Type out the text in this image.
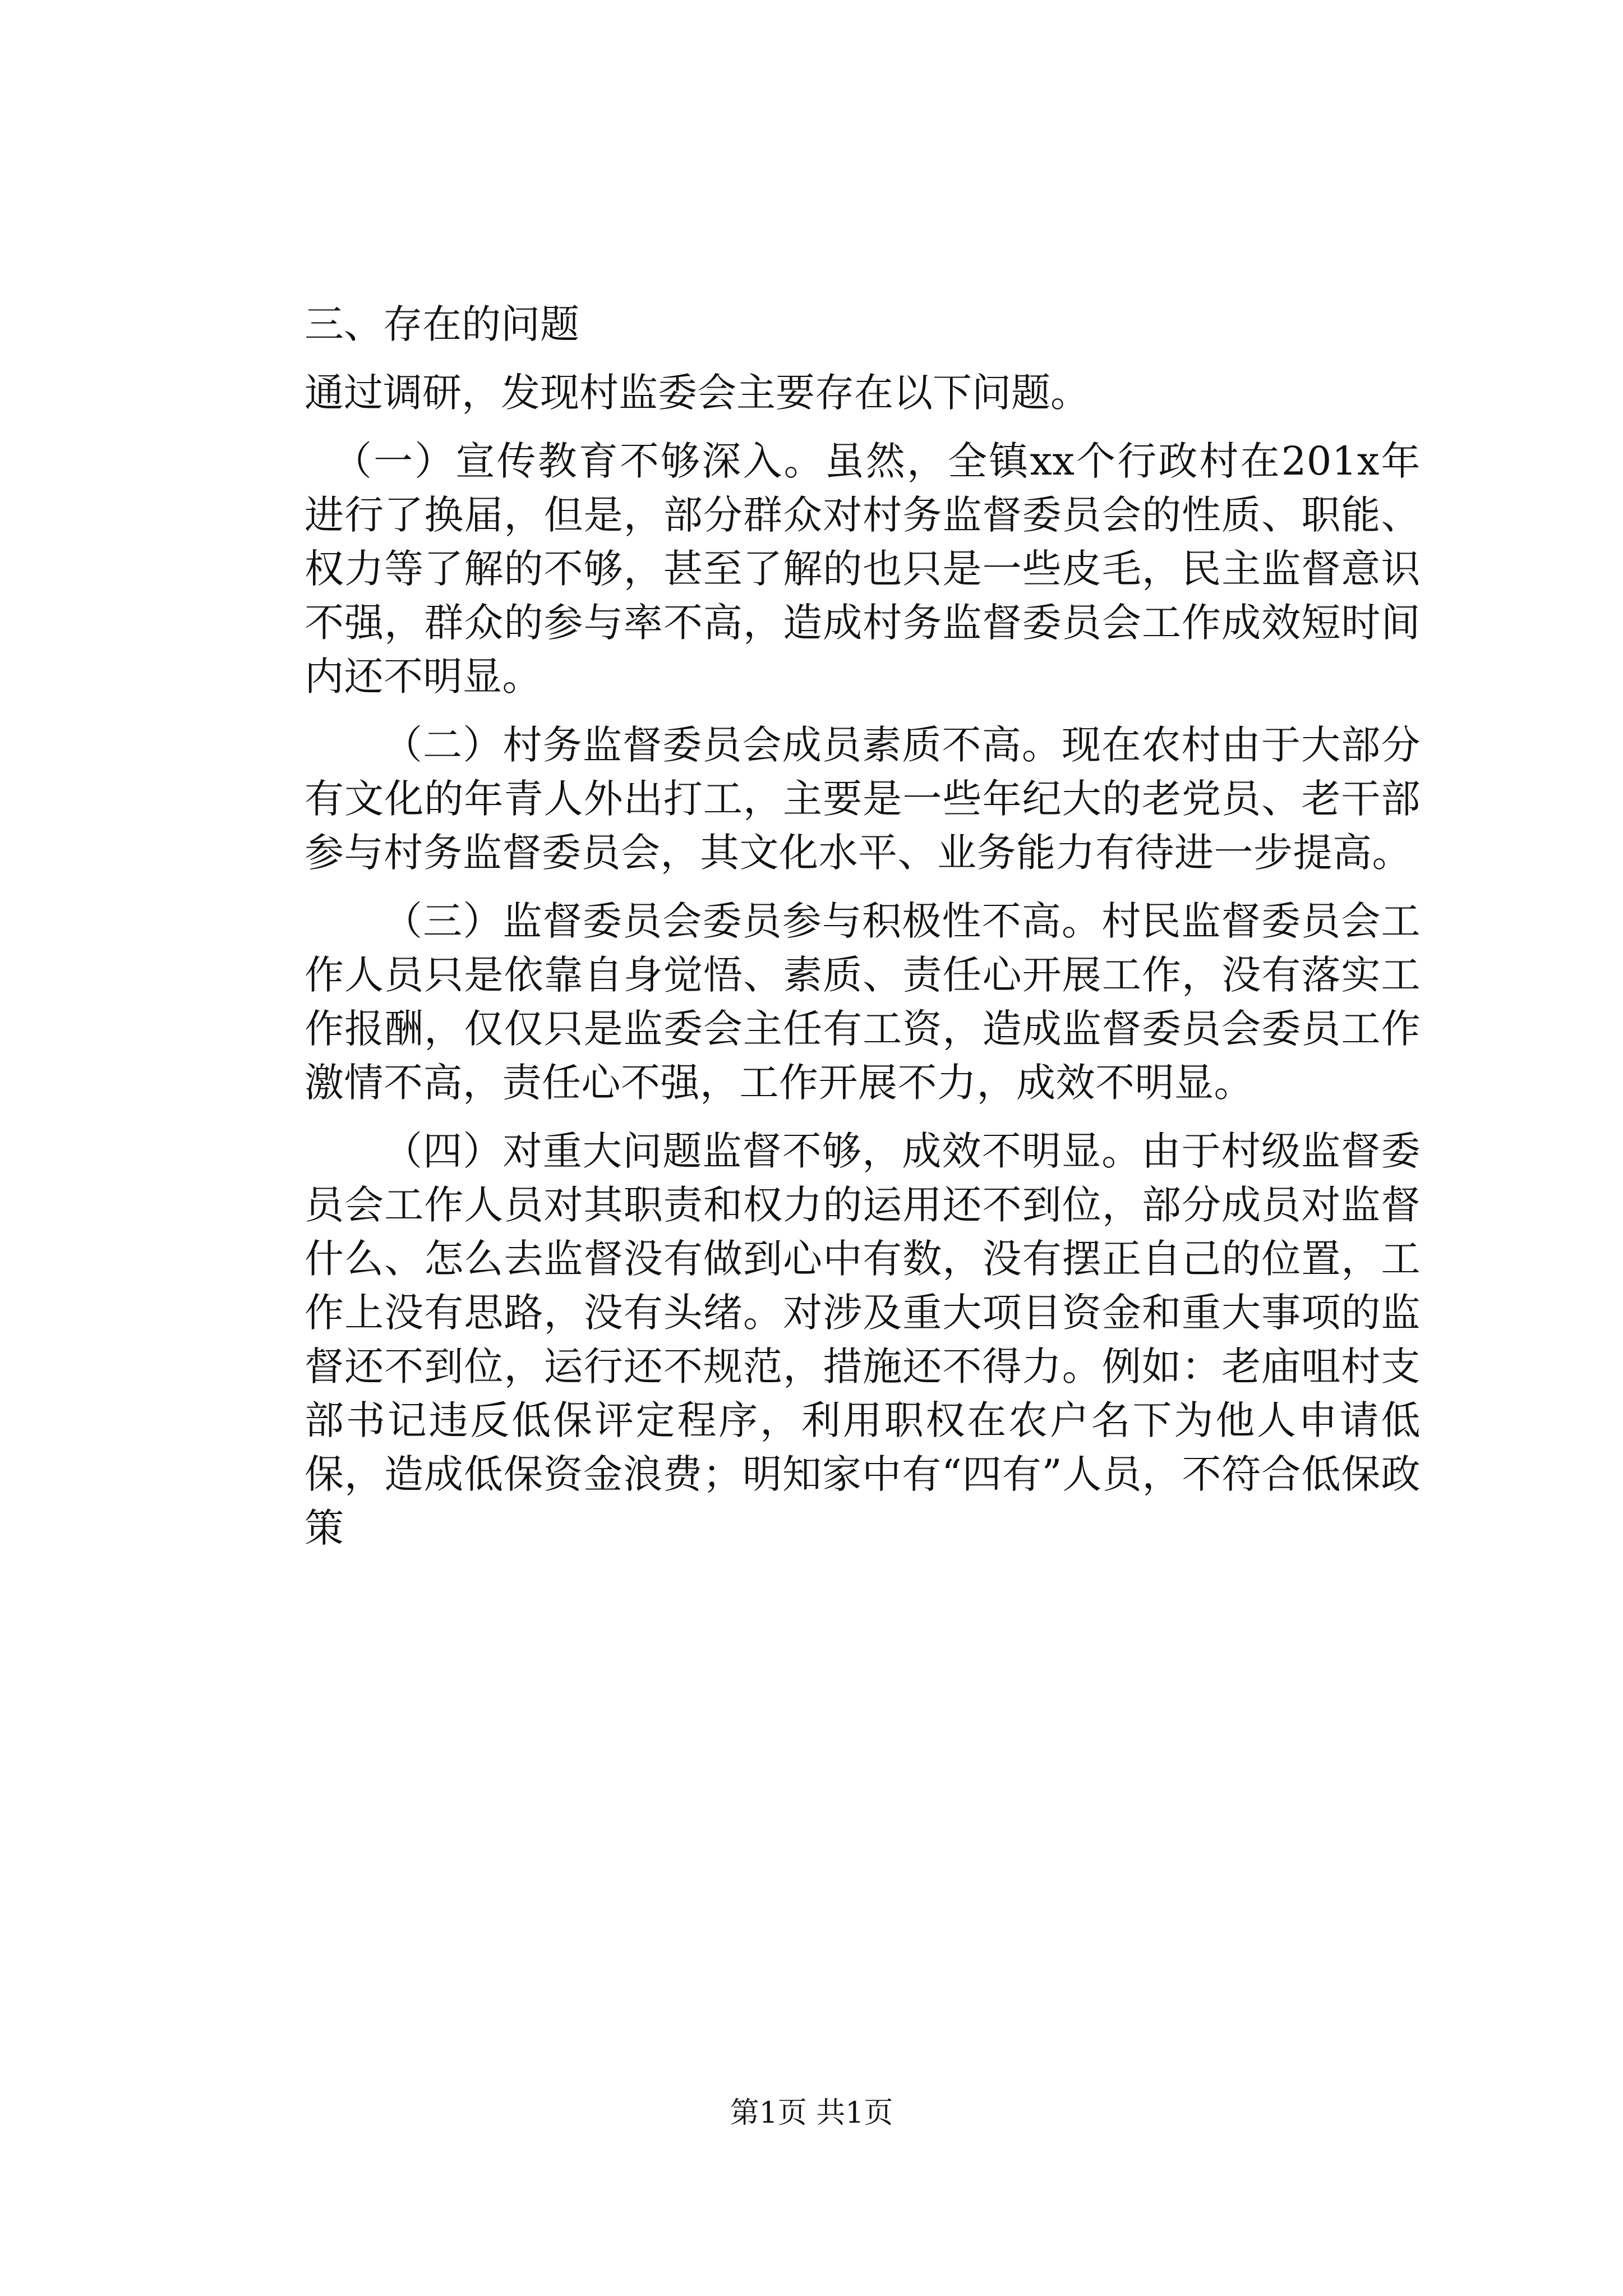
三、存在的问题

通过调研，发现村监委会主要存在以下问题。

（一）宣传教育不够深入。虽然，全镇xx个行政村在201x年进行了换届，但是，部分群众对村务监督委员会的性质、职能、权力等了解的不够，甚至了解的也只是一些皮毛，民主监督意识不强，群众的参与率不高，造成村务监督委员会工作成效短时间内还不明显。

（二）村务监督委员会成员素质不高。现在农村由于大部分有文化的年青人外出打工，主要是一些年纪大的老党员、老干部参与村务监督委员会，其文化水平、业务能力有待进一步提高。

（三）监督委员会委员参与积极性不高。村民监督委员会工作人员只是依靠自身觉悟、素质、责任心开展工作，没有落实工作报酬，仅仅只是监委会主任有工资，造成监督委员会委员工作激情不高，责任心不强，工作开展不力，成效不明显。

（四）对重大问题监督不够，成效不明显。由于村级监督委员会工作人员对其职责和权力的运用还不到位，部分成员对监督什么、怎么去监督没有做到心中有数，没有摆正自己的位置，工作上没有思路，没有头绪。对涉及重大项目资金和重大事项的监督还不到位，运行还不规范，措施还不得力。例如：老庙咀村支部书记违反低保评定程序，利用职权在农户名下为他人申请低保，造成低保资金浪费；明知家中有“四有”人员，不符合低保政策

第1页 共1页
